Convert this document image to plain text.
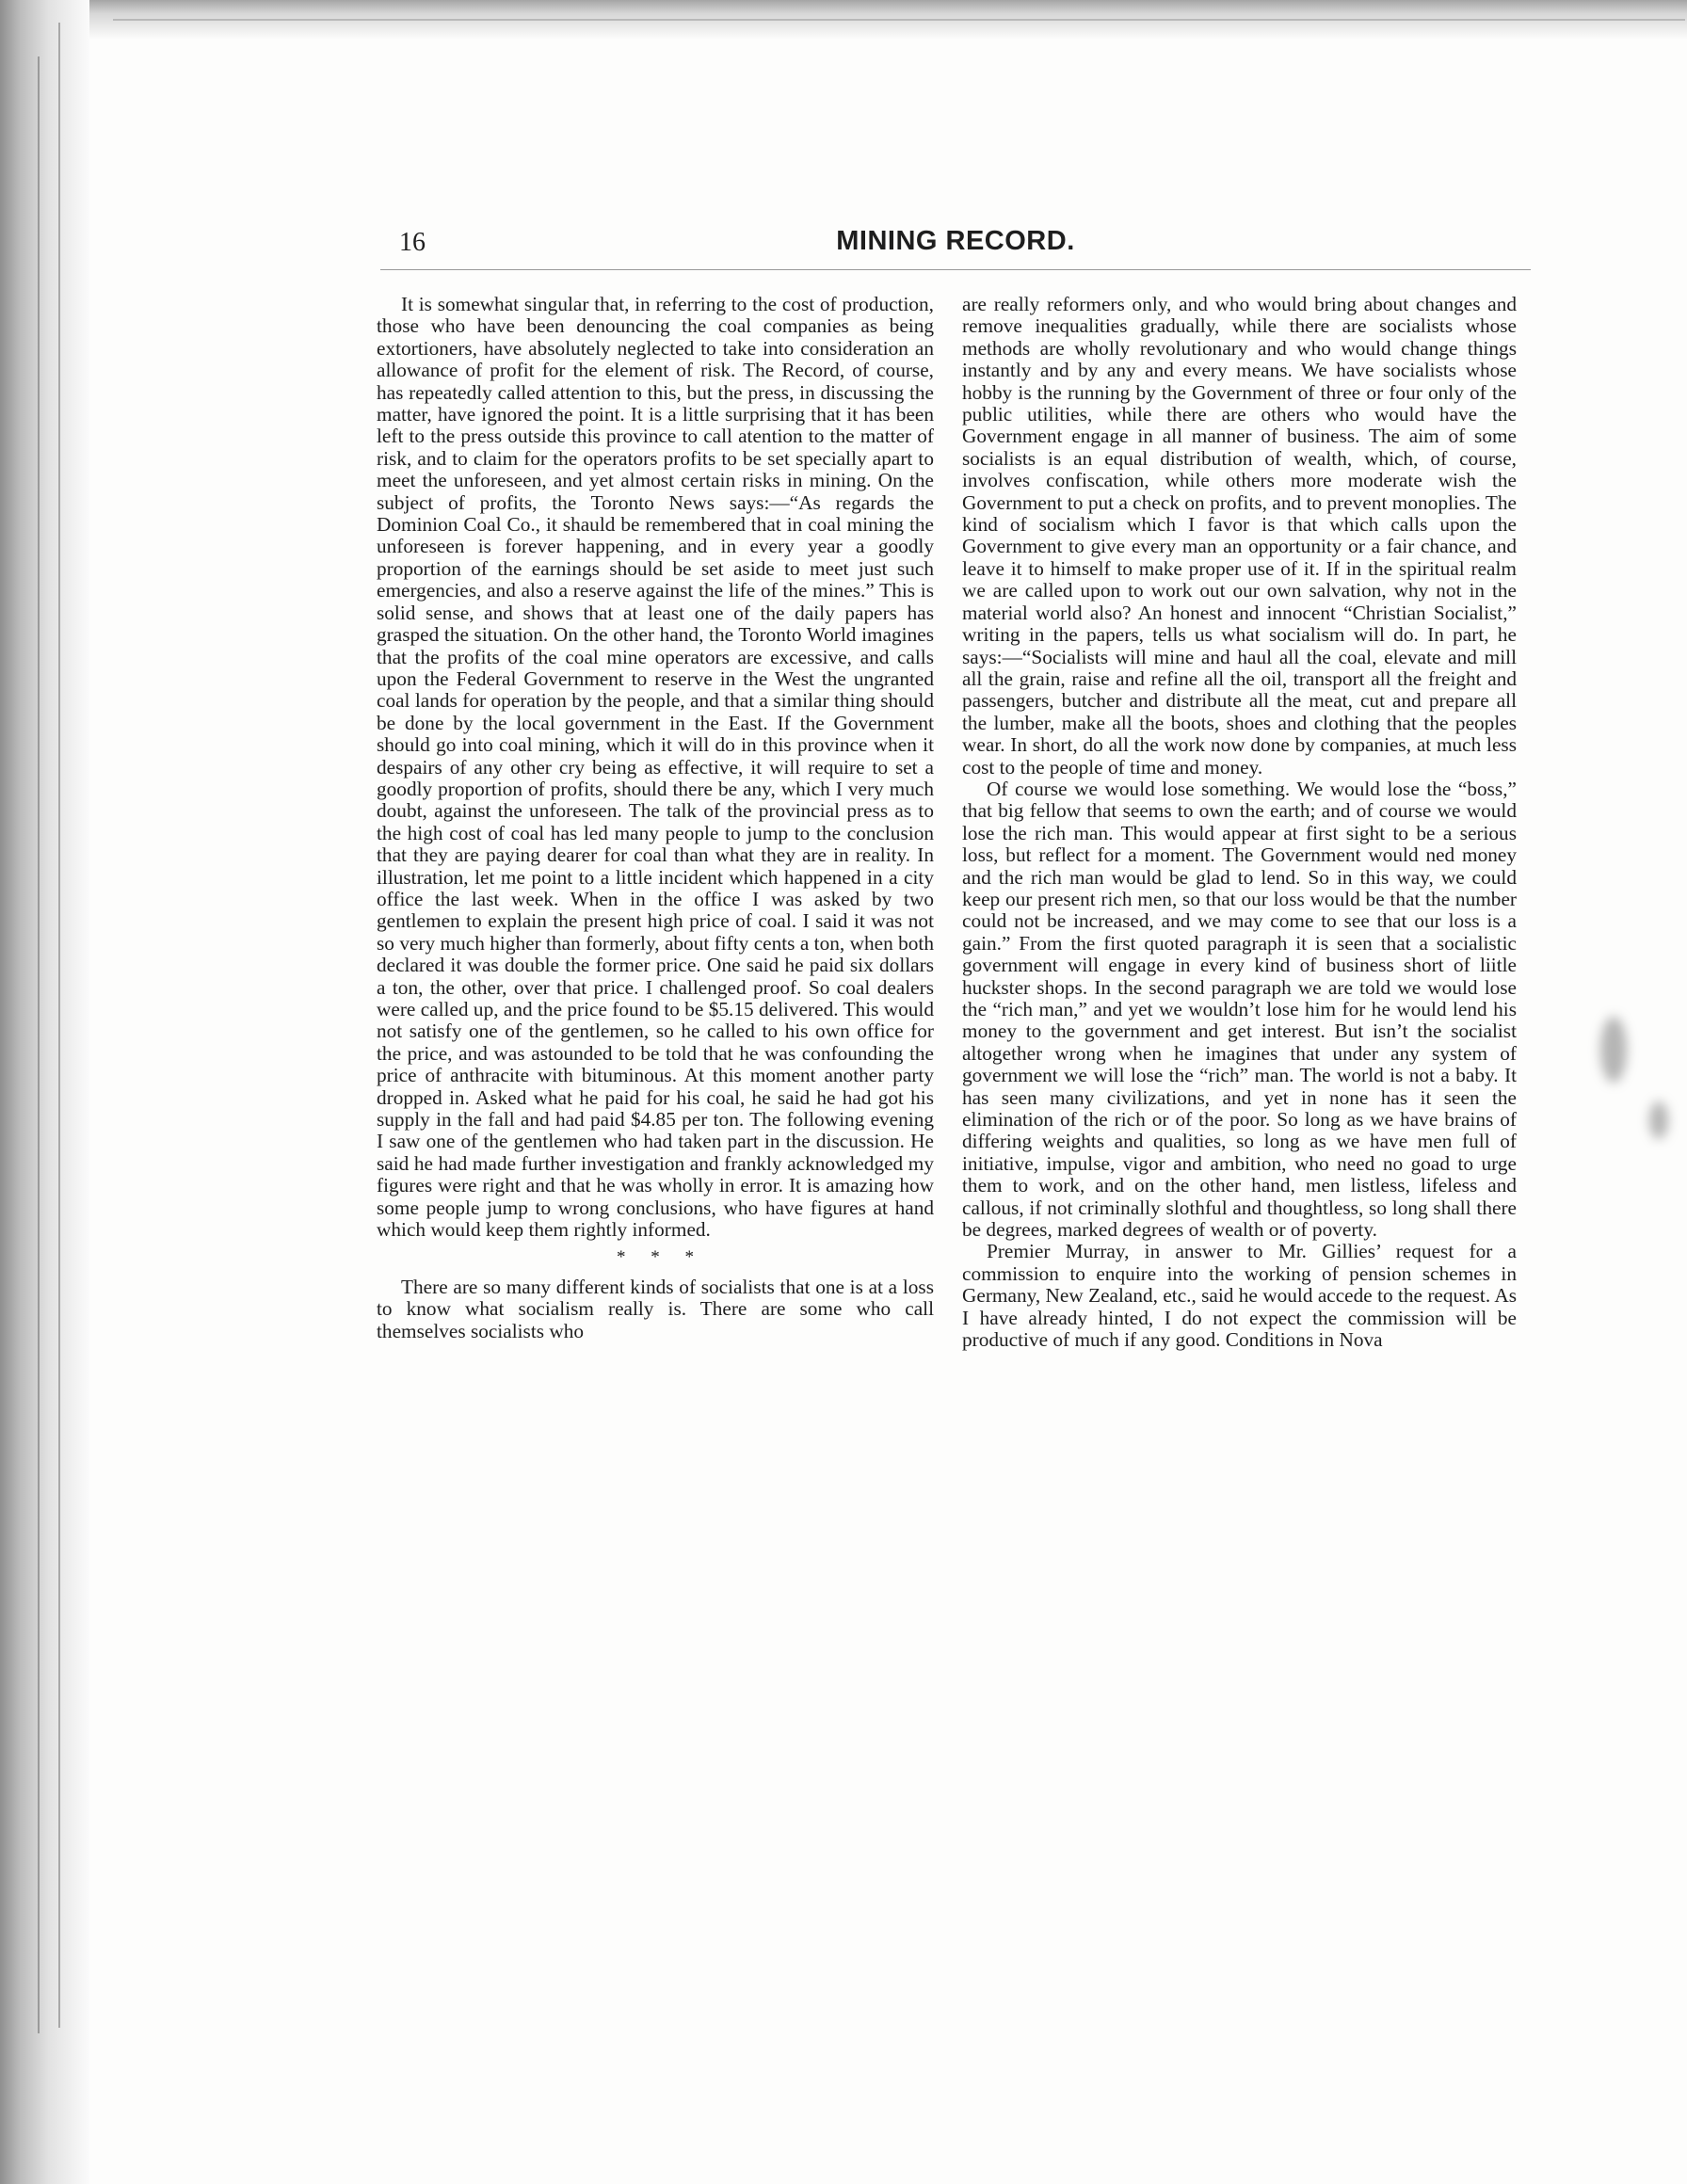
16	MINING RECORD.

It is somewhat singular that, in referring to the cost of production, those who have been denouncing the coal companies as being extortioners, have absolutely neglected to take into consideration an allowance of profit for the element of risk. The Record, of course, has repeatedly called attention to this, but the press, in discussing the matter, have ignored the point. It is a little surprising that it has been left to the press outside this province to call atention to the matter of risk, and to claim for the operators profits to be set specially apart to meet the unforeseen, and yet almost certain risks in mining. On the subject of profits, the Toronto News says:—“As regards the Dominion Coal Co., it shauld be remembered that in coal mining the unforeseen is forever happening, and in every year a goodly proportion of the earnings should be set aside to meet just such emergencies, and also a reserve against the life of the mines.” This is solid sense, and shows that at least one of the daily papers has grasped the situation. On the other hand, the Toronto World imagines that the profits of the coal mine operators are excessive, and calls upon the Federal Government to reserve in the West the ungranted coal lands for operation by the people, and that a similar thing should be done by the local government in the East. If the Government should go into coal mining, which it will do in this province when it despairs of any other cry being as effective, it will require to set a goodly proportion of profits, should there be any, which I very much doubt, against the unforeseen. The talk of the provincial press as to the high cost of coal has led many people to jump to the conclusion that they are paying dearer for coal than what they are in reality. In illustration, let me point to a little incident which happened in a city office the last week. When in the office I was asked by two gentlemen to explain the present high price of coal. I said it was not so very much higher than formerly, about fifty cents a ton, when both declared it was double the former price. One said he paid six dollars a ton, the other, over that price. I challenged proof. So coal dealers were called up, and the price found to be $5.15 delivered. This would not satisfy one of the gentlemen, so he called to his own office for the price, and was astounded to be told that he was confounding the price of anthracite with bituminous. At this moment another party dropped in. Asked what he paid for his coal, he said he had got his supply in the fall and had paid $4.85 per ton. The following evening I saw one of the gentlemen who had taken part in the discussion. He said he had made further investigation and frankly acknowledged my figures were right and that he was wholly in error. It is amazing how some people jump to wrong conclusions, who have figures at hand which would keep them rightly informed.

* * *

There are so many different kinds of socialists that one is at a loss to know what socialism really is. There are some who call themselves socialists who

are really reformers only, and who would bring about changes and remove inequalities gradually, while there are socialists whose methods are wholly revolutionary and who would change things instantly and by any and every means. We have socialists whose hobby is the running by the Government of three or four only of the public utilities, while there are others who would have the Government engage in all manner of business. The aim of some socialists is an equal distribution of wealth, which, of course, involves confiscation, while others more moderate wish the Government to put a check on profits, and to prevent monoplies. The kind of socialism which I favor is that which calls upon the Government to give every man an opportunity or a fair chance, and leave it to himself to make proper use of it. If in the spiritual realm we are called upon to work out our own salvation, why not in the material world also? An honest and innocent “Christian Socialist,” writing in the papers, tells us what socialism will do. In part, he says:—“Socialists will mine and haul all the coal, elevate and mill all the grain, raise and refine all the oil, transport all the freight and passengers, butcher and distribute all the meat, cut and prepare all the lumber, make all the boots, shoes and clothing that the peoples wear. In short, do all the work now done by companies, at much less cost to the people of time and money.

Of course we would lose something. We would lose the “boss,” that big fellow that seems to own the earth; and of course we would lose the rich man. This would appear at first sight to be a serious loss, but reflect for a moment. The Government would ned money and the rich man would be glad to lend. So in this way, we could keep our present rich men, so that our loss would be that the number could not be increased, and we may come to see that our loss is a gain.” From the first quoted paragraph it is seen that a socialistic government will engage in every kind of business short of liitle huckster shops. In the second paragraph we are told we would lose the “rich man,” and yet we wouldn’t lose him for he would lend his money to the government and get interest. But isn’t the socialist altogether wrong when he imagines that under any system of government we will lose the “rich” man. The world is not a baby. It has seen many civilizations, and yet in none has it seen the elimination of the rich or of the poor. So long as we have brains of differing weights and qualities, so long as we have men full of initiative, impulse, vigor and ambition, who need no goad to urge them to work, and on the other hand, men listless, lifeless and callous, if not criminally slothful and thoughtless, so long shall there be degrees, marked degrees of wealth or of poverty.

Premier Murray, in answer to Mr. Gillies’ request for a commission to enquire into the working of pension schemes in Germany, New Zealand, etc., said he would accede to the request. As I have already hinted, I do not expect the commission will be productive of much if any good. Conditions in Nova
